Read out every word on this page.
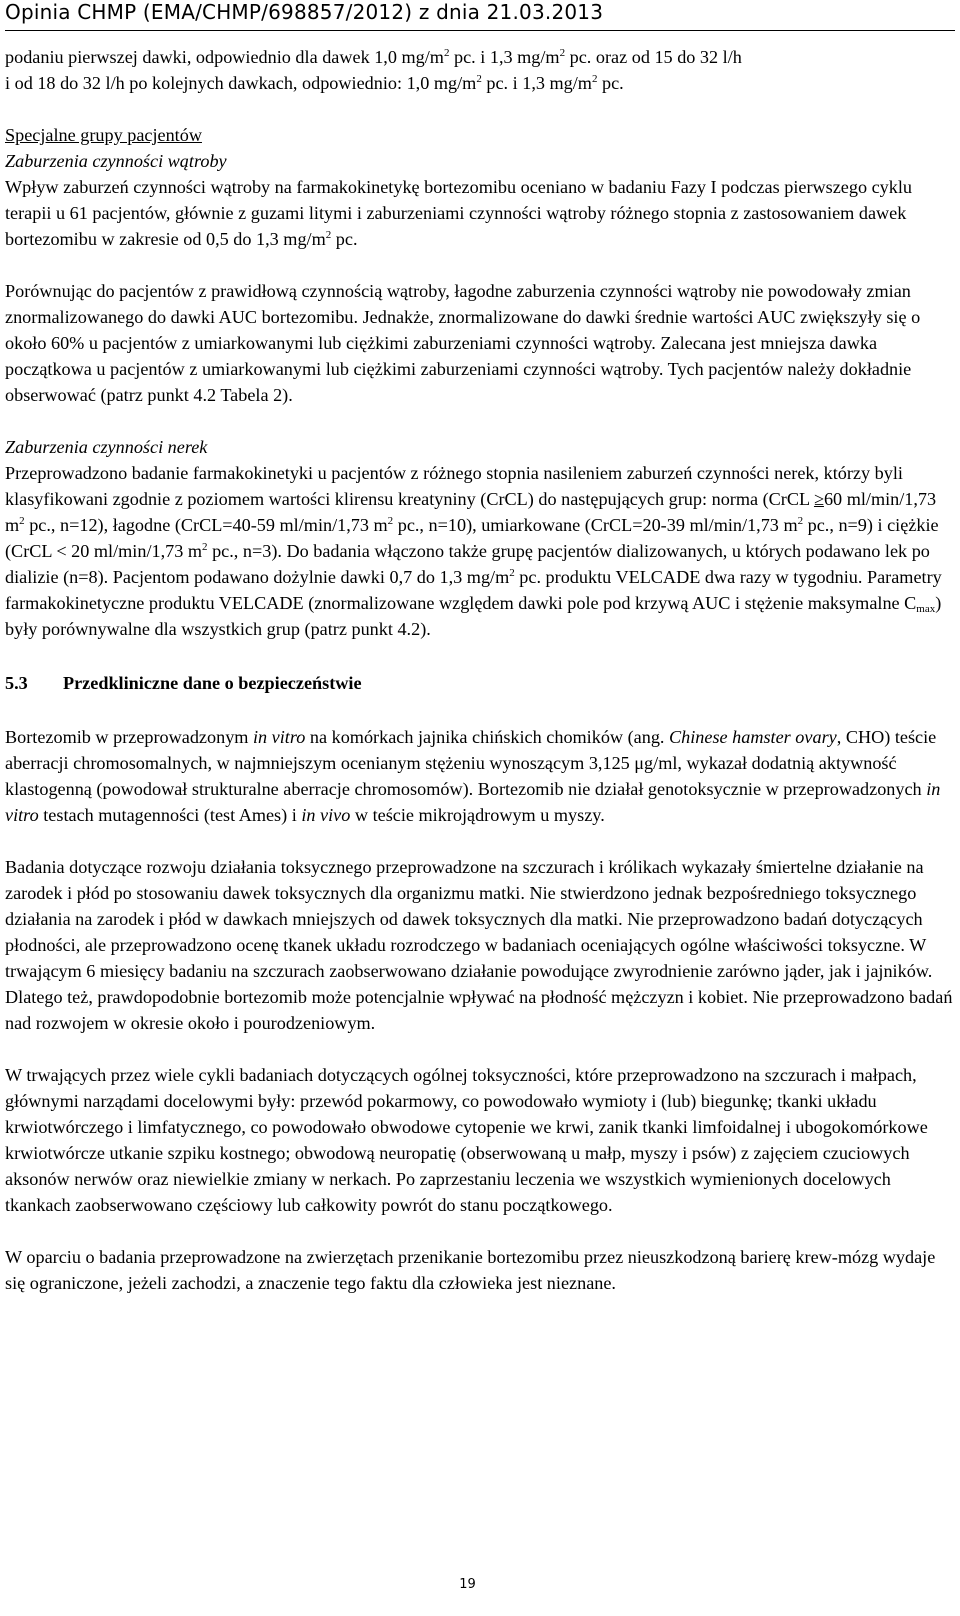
Opinia CHMP (EMA/CHMP/698857/2012) z dnia 21.03.2013

podaniu pierwszej dawki, odpowiednio dla dawek 1,0 $mg/m^2$ pc. i 1,3 $mg/m^2$ pc. oraz od 15 do 32 l/h

i od 18 do 32 l/h po kolejnych dawkach, odpowiednio: 1,0 $mg/m^2$ pc. i 1,3 $mg/m^2$ pc.

Specjalne grupy pacjentów

Zaburzenia czynności wątroby

Wpływ zaburzeń czynności wątroby na farmakokinetykę bortezomibu oceniano w badaniu Fazy I podczas pierwszego cyklu terapii u 61 pacjentów, głównie z guzami litymi i zaburzeniami czynności wątroby różnego stopnia z zastosowaniem dawek bortezomibu w zakresie od 0,5 do 1,3 $mg/m^2$ pc.

Porównując do pacjentów z prawidłową czynnością wątroby, łagodne zaburzenia czynności wątroby nie powodowały zmian znormalizowanego do dawki AUC bortezomibu. Jednakże, znormalizowane do dawki średnie wartości AUC zwiększyły się o około 60% u pacjentów z umiarkowanymi lub ciężkimi zaburzeniami czynności wątroby. Zalecana jest mniejsza dawka początkowa u pacjentów z umiarkowanymi lub ciężkimi zaburzeniami czynności wątroby. Tych pacjentów należy dokładnie obserwować (patrz punkt 4.2 Tabela 2).

Zaburzenia czynności nerek

Przeprowadzono badanie farmakokinetyki u pacjentów z różnego stopnia nasileniem zaburzeń czynności nerek, którzy byli klasyfikowani zgodnie z poziomem wartości klirensu kreatyniny (CrCL) do następujących grup: norma (CrCL ≥60 ml/min/1,73 $m^2$ pc., n=12), łagodne (CrCL=40-59 ml/min/1,73 $m^2$ pc., n=10), umiarkowane (CrCL=20-39 ml/min/1,73 $m^2$ pc., n=9) i ciężkie (CrCL < 20 ml/min/1,73 $m^2$ pc., n=3). Do badania włączono także grupę pacjentów dializowanych, u których podawano lek po dializie (n=8). Pacjentom podawano dożylnie dawki 0,7 do 1,3 $mg/m^2$ pc. produktu VELCADE dwa razy w tygodniu. Parametry farmakokinetyczne produktu VELCADE (znormalizowane względem dawki pole pod krzywą AUC i stężenie maksymalne $C_{max}$) były porównywalne dla wszystkich grup (patrz punkt 4.2).

5.3 Przedkliniczne dane o bezpieczeństwie

Bortezomib w przeprowadzonym in vitro na komórkach jajnika chińskich chomików (ang. Chinese hamster ovary, CHO) teście aberracji chromosomalnych, w najmniejszym ocenianym stężeniu wynoszącym 3,125 μg/ml, wykazał dodatnią aktywność klastogenną (powodował strukturalne aberracje chromosomów). Bortezomib nie działał genotoksycznie w przeprowadzonych in vitro testach mutagenności (test Ames) i in vivo w teście mikrojądrowym u myszy.

Badania dotyczące rozwoju działania toksycznego przeprowadzone na szczurach i królikach wykazały śmiertelne działanie na zarodek i płód po stosowaniu dawek toksycznych dla organizmu matki. Nie stwierdzono jednak bezpośredniego toksycznego działania na zarodek i płód w dawkach mniejszych od dawek toksycznych dla matki. Nie przeprowadzono badań dotyczących płodności, ale przeprowadzono ocenę tkanek układu rozrodczego w badaniach oceniających ogólne właściwości toksyczne. W trwającym 6 miesięcy badaniu na szczurach zaobserwowano działanie powodujące zwyrodnienie zarówno jąder, jak i jajników. Dlatego też, prawdopodobnie bortezomib może potencjalnie wpływać na płodność mężczyzn i kobiet. Nie przeprowadzono badań nad rozwojem w okresie około i pourodzeniowym.

W trwających przez wiele cykli badaniach dotyczących ogólnej toksyczności, które przeprowadzono na szczurach i małpach, głównymi narządami docelowymi były: przewód pokarmowy, co powodowało wymioty i (lub) biegunkę; tkanki układu krwiotwórczego i limfatycznego, co powodowało obwodowe cytopenie we krwi, zanik tkanki limfoidalnej i ubogokomórkowe krwiotwórcze utkanie szpiku kostnego; obwodową neuropatię (obserwowaną u małp, myszy i psów) z zajęciem czuciowych aksonów nerwów oraz niewielkie zmiany w nerkach. Po zaprzestaniu leczenia we wszystkich wymienionych docelowych tkankach zaobserwowano częściowy lub całkowity powrót do stanu początkowego.

W oparciu o badania przeprowadzone na zwierzętach przenikanie bortezomibu przez nieuszkodzoną barierę krew-mózg wydaje się ograniczone, jeżeli zachodzi, a znaczenie tego faktu dla człowieka jest nieznane.

19
